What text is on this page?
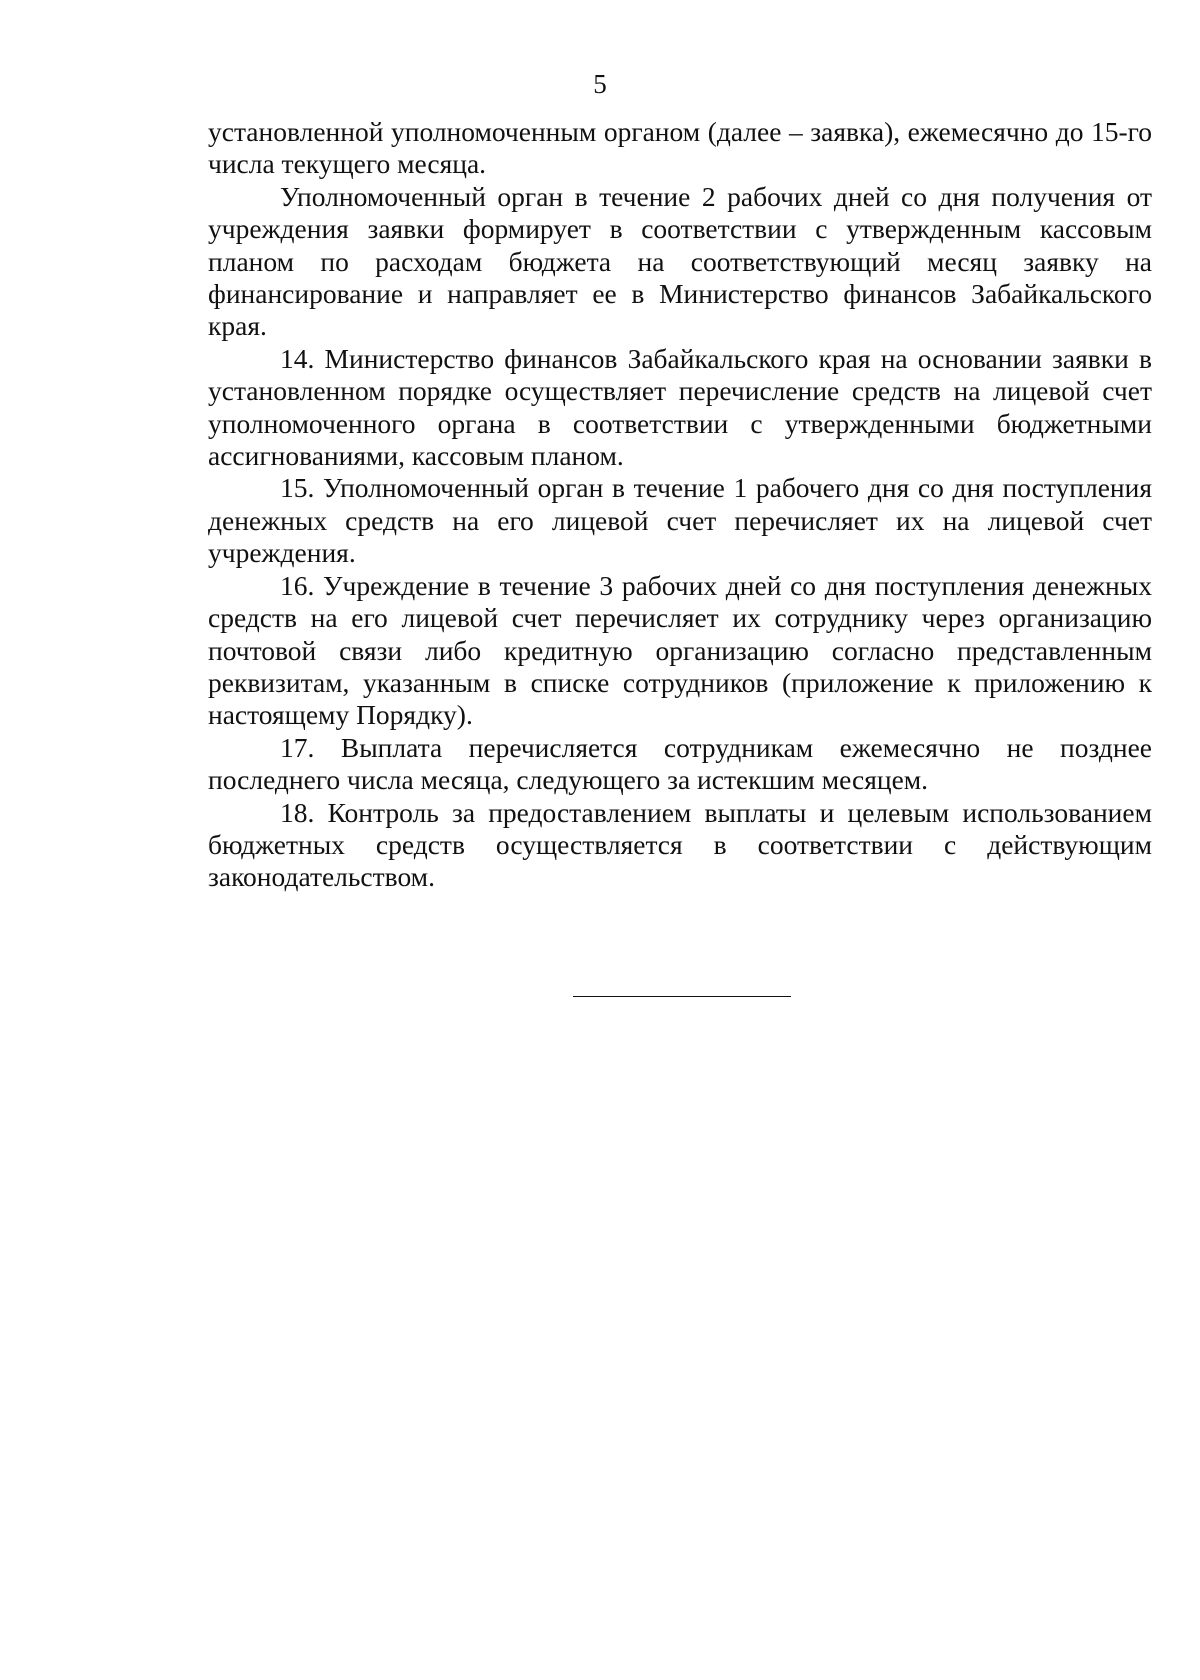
5

установленной уполномоченным органом (далее – заявка), ежемесячно до 15-го числа текущего месяца.

Уполномоченный орган в течение 2 рабочих дней со дня получения от учреждения заявки формирует в соответствии с утвержденным кассовым планом по расходам бюджета на соответствующий месяц заявку на финансирование и направляет ее в Министерство финансов Забайкальского края.

14. Министерство финансов Забайкальского края на основании заявки в установленном порядке осуществляет перечисление средств на лицевой счет уполномоченного органа в соответствии с утвержденными бюджетными ассигнованиями, кассовым планом.

15. Уполномоченный орган в течение 1 рабочего дня со дня поступления денежных средств на его лицевой счет перечисляет их на лицевой счет учреждения.

16. Учреждение в течение 3 рабочих дней со дня поступления денежных средств на его лицевой счет перечисляет их сотруднику через организацию почтовой связи либо кредитную организацию согласно представленным реквизитам, указанным в списке сотрудников (приложение к приложению к настоящему Порядку).

17. Выплата перечисляется сотрудникам ежемесячно не позднее последнего числа месяца, следующего за истекшим месяцем.

18. Контроль за предоставлением выплаты и целевым использованием бюджетных средств осуществляется в соответствии с действующим законодательством.
